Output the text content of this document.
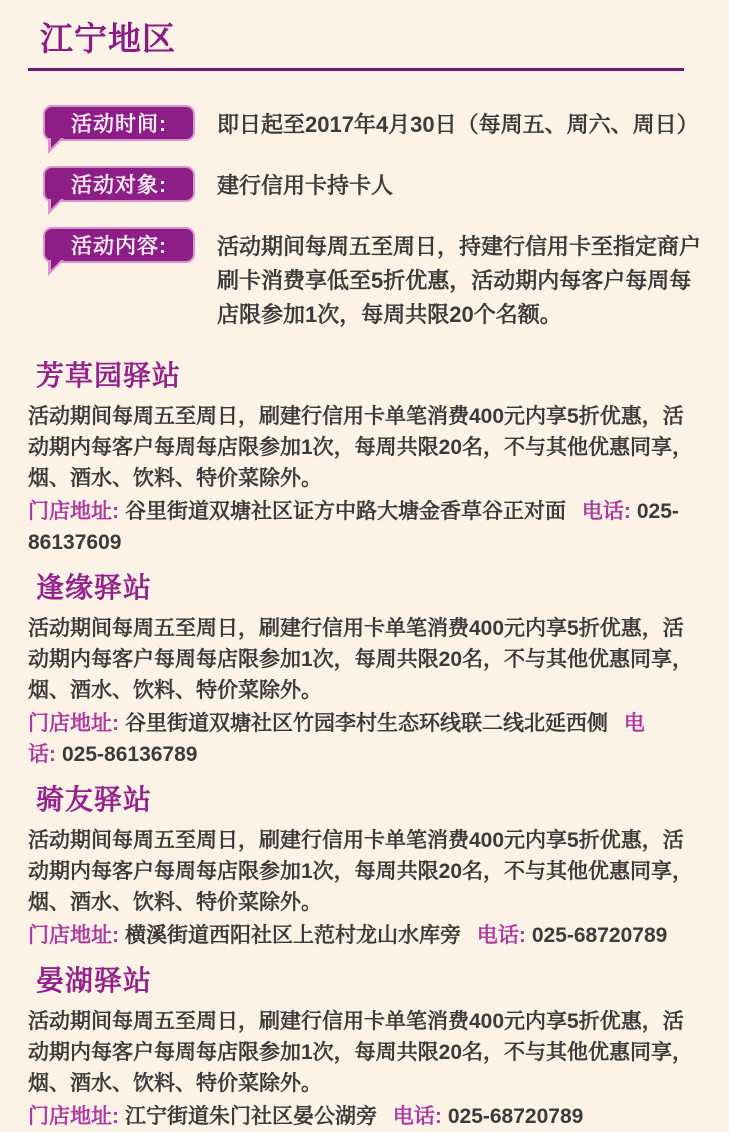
江宁地区
活动时间: 即日起至2017年4月30日（每周五、周六、周日）
活动对象: 建行信用卡持卡人
活动内容: 活动期间每周五至周日，持建行信用卡至指定商户刷卡消费享低至5折优惠，活动期内每客户每周每店限参加1次，每周共限20个名额。
芳草园驿站

活动期间每周五至周日，刷建行信用卡单笔消费400元内享5折优惠，活动期内每客户每周每店限参加1次，每周共限20名，不与其他优惠同享，烟、酒水、饮料、特价菜除外。

门店地址: 谷里街道双塘社区证方中路大塘金香草谷正对面 电话: 025-86137609

逢缘驿站

活动期间每周五至周日，刷建行信用卡单笔消费400元内享5折优惠，活动期内每客户每周每店限参加1次，每周共限20名，不与其他优惠同享，烟、酒水、饮料、特价菜除外。

门店地址: 谷里街道双塘社区竹园李村生态环线联二线北延西侧 电话: 025-86136789

骑友驿站

活动期间每周五至周日，刷建行信用卡单笔消费400元内享5折优惠，活动期内每客户每周每店限参加1次，每周共限20名，不与其他优惠同享，烟、酒水、饮料、特价菜除外。

门店地址: 横溪街道西阳社区上范村龙山水库旁 电话: 025-68720789

晏湖驿站

活动期间每周五至周日，刷建行信用卡单笔消费400元内享5折优惠，活动期内每客户每周每店限参加1次，每周共限20名，不与其他优惠同享，烟、酒水、饮料、特价菜除外。

门店地址: 江宁街道朱门社区晏公湖旁 电话: 025-68720789
